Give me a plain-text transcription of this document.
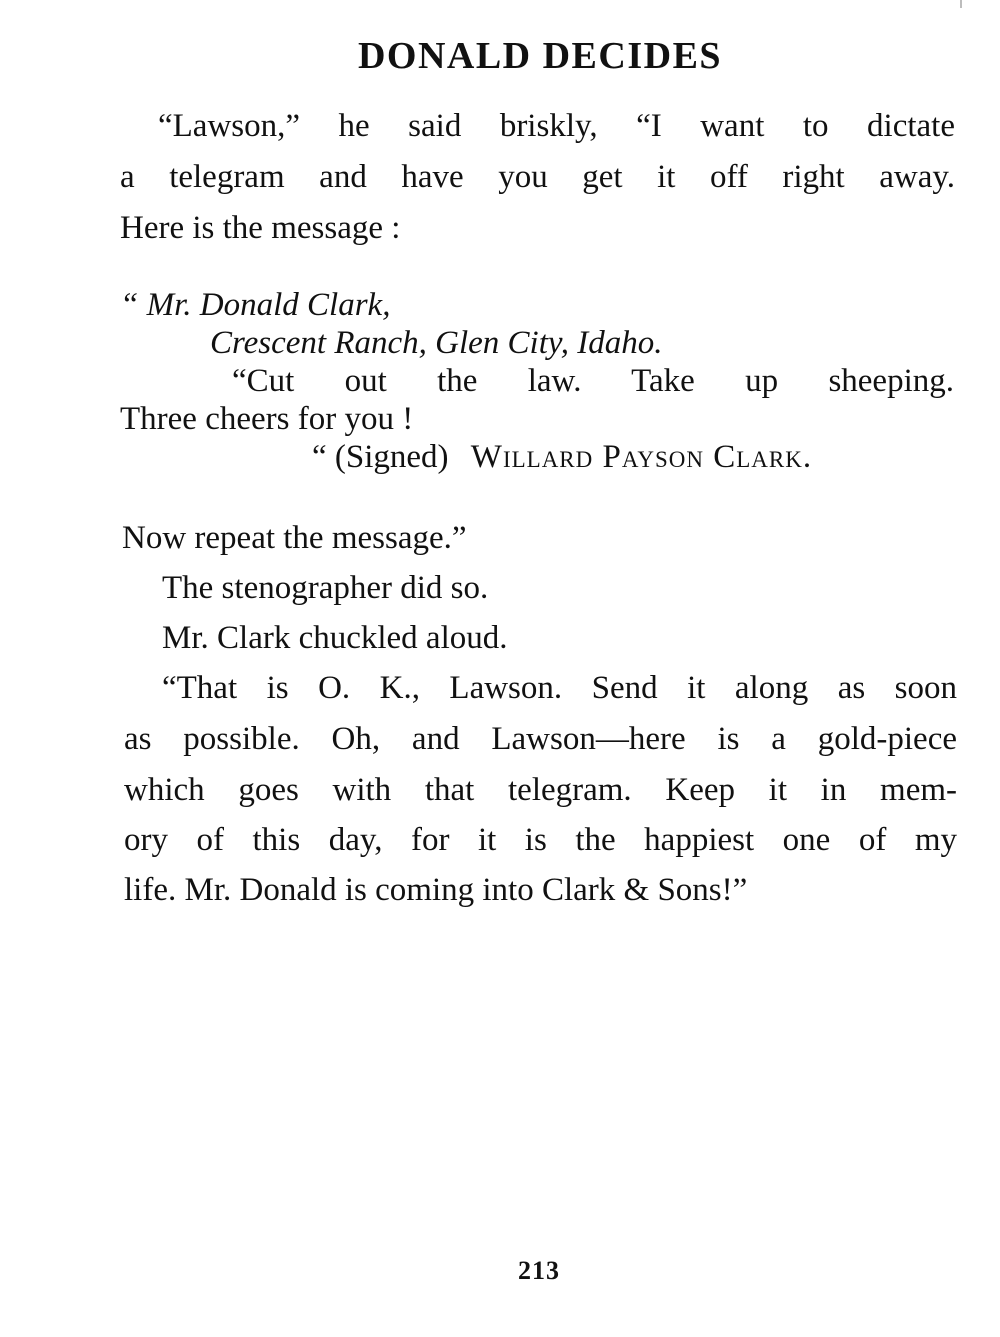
DONALD DECIDES
“Lawson,” he said briskly, “I want to dictate
a telegram and have you get it off right away.
Here is the message :
“ Mr. Donald Clark,
Crescent Ranch, Glen City, Idaho.
“Cut out the law. Take up sheeping.
Three cheers for you !
“ (Signed) Willard Payson Clark.
Now repeat the message.”
The stenographer did so.
Mr. Clark chuckled aloud.
“That is O. K., Lawson. Send it along as soon
as possible. Oh, and Lawson—here is a gold-piece
which goes with that telegram. Keep it in mem-
ory of this day, for it is the happiest one of my
life. Mr. Donald is coming into Clark & Sons!”
213
